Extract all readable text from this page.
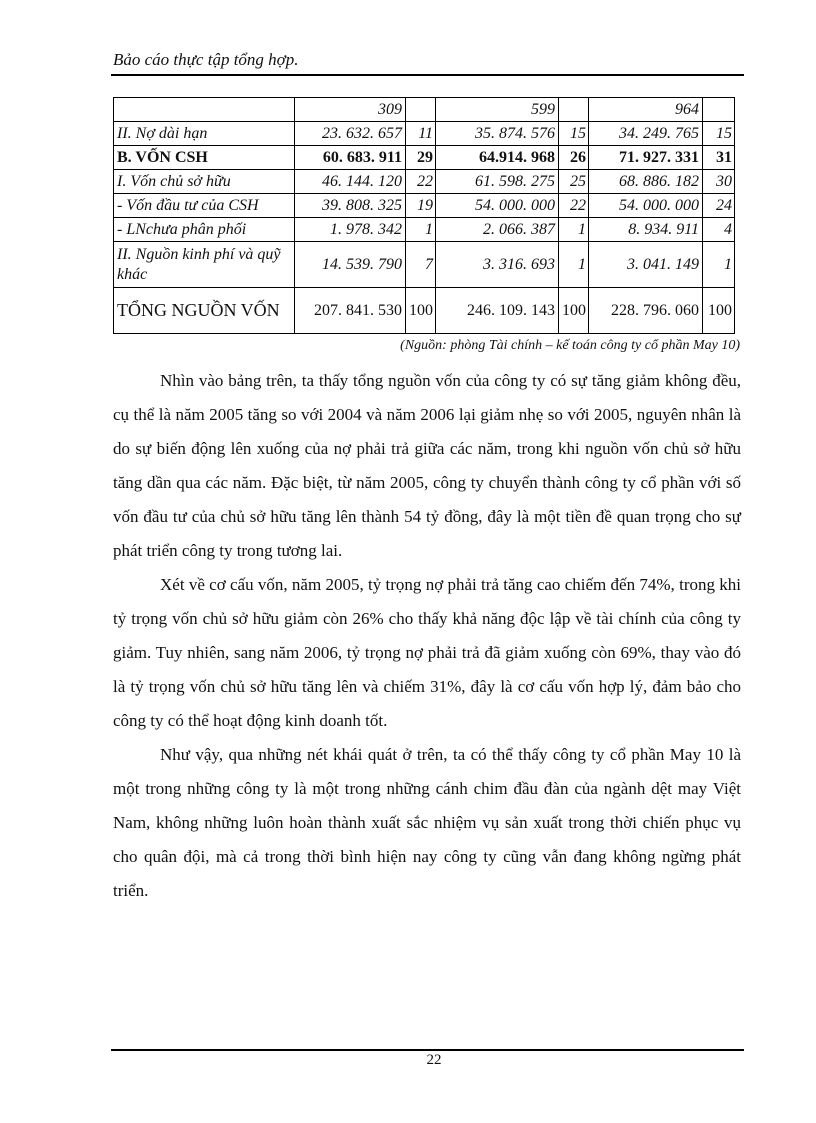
Bảo cáo thực tập tổng hợp.
	309		599		964	
II. Nợ dài hạn	23. 632. 657	11	35. 874. 576	15	34. 249. 765	15
B. VỐN CSH	60. 683. 911	29	64.914. 968	26	71. 927. 331	31
I. Vốn chủ sở hữu	46. 144. 120	22	61. 598. 275	25	68. 886. 182	30
- Vốn đầu tư của CSH	39. 808. 325	19	54. 000. 000	22	54. 000. 000	24
- LNchưa phân phối	1. 978. 342	1	2. 066. 387	1	8. 934. 911	4
II. Nguồn kinh phí và quỹ khác	14. 539. 790	7	3. 316. 693	1	3. 041. 149	1
TỔNG NGUỒN VỐN	207. 841. 530	100	246. 109. 143	100	228. 796. 060	100
(Nguồn: phòng Tài chính – kế toán công ty cổ phần May 10)

Nhìn vào bảng trên, ta thấy tổng nguồn vốn của công ty có sự tăng giảm không đều, cụ thể là năm 2005 tăng so với 2004 và năm 2006 lại giảm nhẹ so với 2005, nguyên nhân là do sự biến động lên xuống của nợ phải trả giữa các năm, trong khi nguồn vốn chủ sở hữu tăng dần qua các năm. Đặc biệt, từ năm 2005, công ty chuyển thành công ty cổ phần với số vốn đầu tư của chủ sở hữu tăng lên thành 54 tỷ đồng, đây là một tiền đề quan trọng cho sự phát triển công ty trong tương lai.

Xét về cơ cấu vốn, năm 2005, tỷ trọng nợ phải trả tăng cao chiếm đến 74%, trong khi tỷ trọng vốn chủ sở hữu giảm còn 26% cho thấy khả năng độc lập về tài chính của công ty giảm. Tuy nhiên, sang năm 2006, tỷ trọng nợ phải trả đã giảm xuống còn 69%, thay vào đó là tỷ trọng vốn chủ sở hữu tăng lên và chiếm 31%, đây là cơ cấu vốn hợp lý, đảm bảo cho công ty có thể hoạt động kinh doanh tốt.

Như vậy, qua những nét khái quát ở trên, ta có thể thấy công ty cổ phần May 10 là một trong những công ty là một trong những cánh chim đầu đàn của ngành dệt may Việt Nam, không những luôn hoàn thành xuất sắc nhiệm vụ sản xuất trong thời chiến phục vụ cho quân đội, mà cả trong thời bình hiện nay công ty cũng vẫn đang không ngừng phát triển.

22
